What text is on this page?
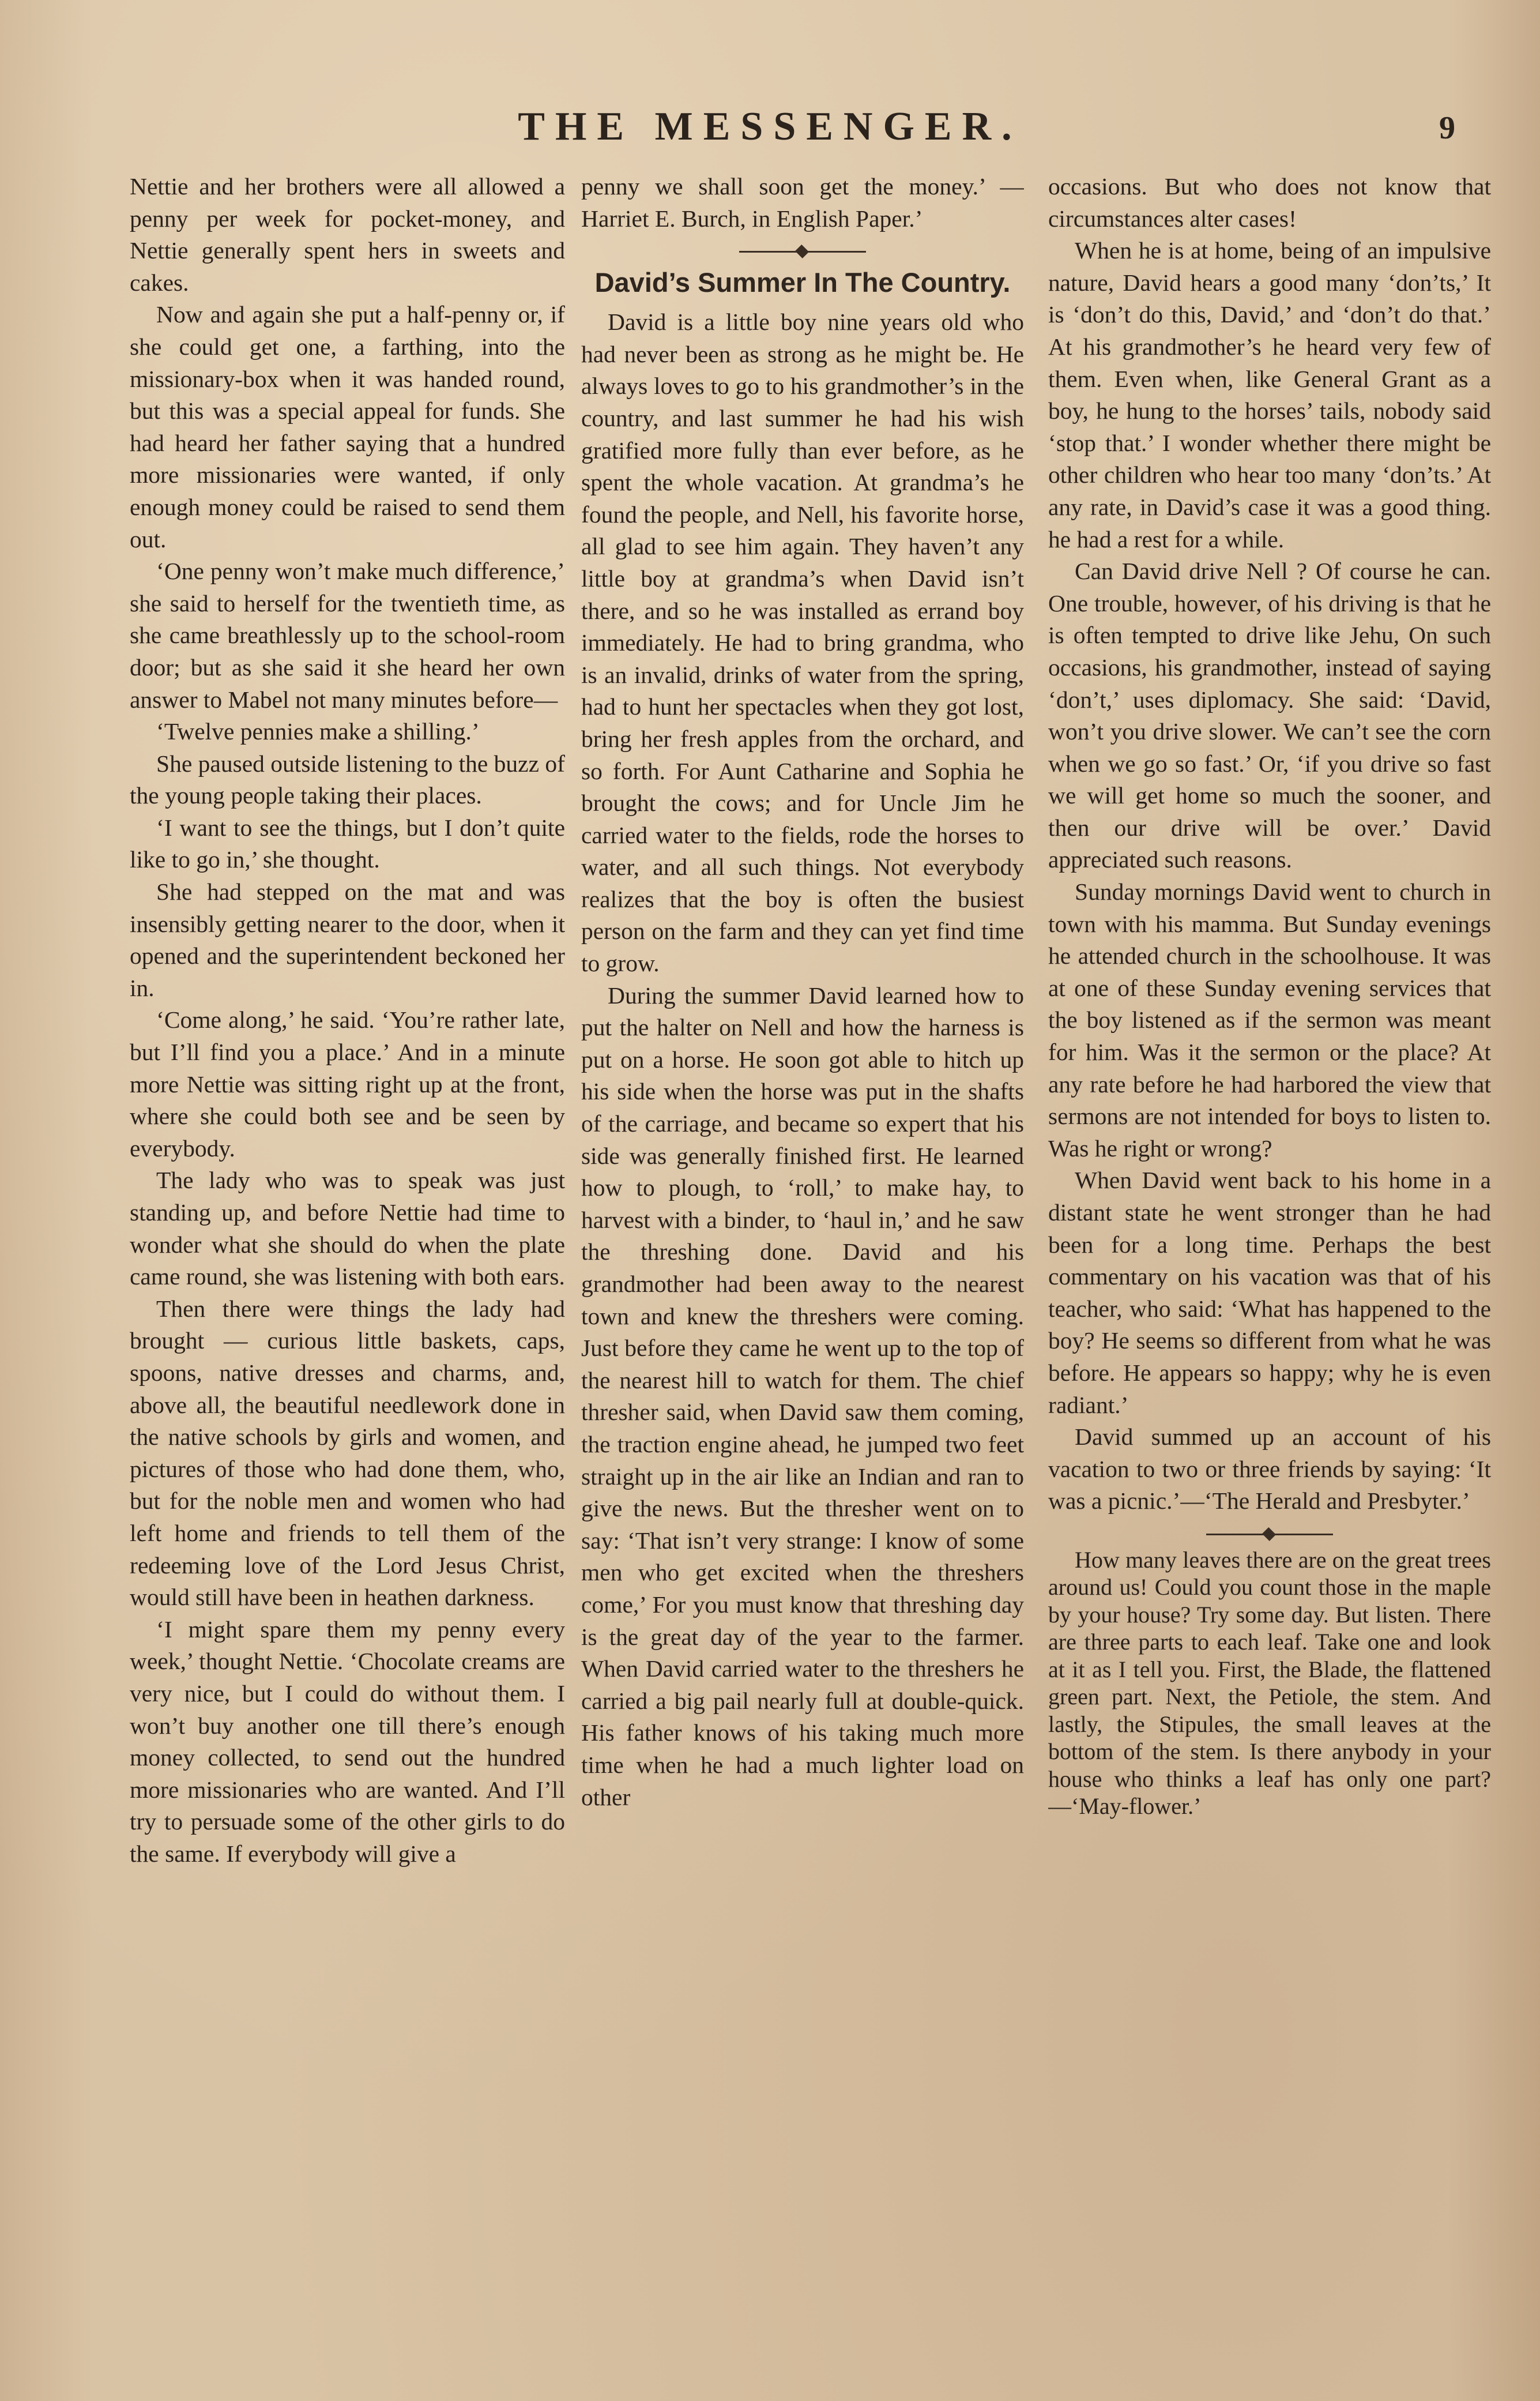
THE MESSENGER.	9

Nettie and her brothers were all allowed a penny per week for pocket-money, and Nettie generally spent hers in sweets and cakes.

Now and again she put a half-penny or, if she could get one, a farthing, into the missionary-box when it was handed round, but this was a special appeal for funds. She had heard her father saying that a hundred more missionaries were wanted, if only enough money could be raised to send them out.

‘One penny won’t make much difference,’ she said to herself for the twentieth time, as she came breathlessly up to the school-room door; but as she said it she heard her own answer to Mabel not many minutes before—

‘Twelve pennies make a shilling.’

She paused outside listening to the buzz of the young people taking their places.

‘I want to see the things, but I don’t quite like to go in,’ she thought.

She had stepped on the mat and was insensibly getting nearer to the door, when it opened and the superintendent beckoned her in.

‘Come along,’ he said. ‘You’re rather late, but I’ll find you a place.’ And in a minute more Nettie was sitting right up at the front, where she could both see and be seen by everybody.

The lady who was to speak was just standing up, and before Nettie had time to wonder what she should do when the plate came round, she was listening with both ears.

Then there were things the lady had brought — curious little baskets, caps, spoons, native dresses and charms, and, above all, the beautiful needlework done in the native schools by girls and women, and pictures of those who had done them, who, but for the noble men and women who had left home and friends to tell them of the redeeming love of the Lord Jesus Christ, would still have been in heathen darkness.

‘I might spare them my penny every week,’ thought Nettie. ‘Chocolate creams are very nice, but I could do without them. I won’t buy another one till there’s enough money collected, to send out the hundred more missionaries who are wanted. And I’ll try to persuade some of the other girls to do the same. If everybody will give a

penny we shall soon get the money.’ — Harriet E. Burch, in English Paper.’

David’s Summer In The Country.

David is a little boy nine years old who had never been as strong as he might be. He always loves to go to his grandmother’s in the country, and last summer he had his wish gratified more fully than ever before, as he spent the whole vacation. At grandma’s he found the people, and Nell, his favorite horse, all glad to see him again. They haven’t any little boy at grandma’s when David isn’t there, and so he was installed as errand boy immediately. He had to bring grandma, who is an invalid, drinks of water from the spring, had to hunt her spectacles when they got lost, bring her fresh apples from the orchard, and so forth. For Aunt Catharine and Sophia he brought the cows; and for Uncle Jim he carried water to the fields, rode the horses to water, and all such things. Not everybody realizes that the boy is often the busiest person on the farm and they can yet find time to grow.

During the summer David learned how to put the halter on Nell and how the harness is put on a horse. He soon got able to hitch up his side when the horse was put in the shafts of the carriage, and became so expert that his side was generally finished first. He learned how to plough, to ‘roll,’ to make hay, to harvest with a binder, to ‘haul in,’ and he saw the threshing done. David and his grandmother had been away to the nearest town and knew the threshers were coming. Just before they came he went up to the top of the nearest hill to watch for them. The chief thresher said, when David saw them coming, the traction engine ahead, he jumped two feet straight up in the air like an Indian and ran to give the news. But the thresher went on to say: ‘That isn’t very strange: I know of some men who get excited when the threshers come,’ For you must know that threshing day is the great day of the year to the farmer. When David carried water to the threshers he carried a big pail nearly full at double-quick. His father knows of his taking much more time when he had a much lighter load on other

occasions. But who does not know that circumstances alter cases!

When he is at home, being of an impulsive nature, David hears a good many ‘don’ts,’ It is ‘don’t do this, David,’ and ‘don’t do that.’ At his grandmother’s he heard very few of them. Even when, like General Grant as a boy, he hung to the horses’ tails, nobody said ‘stop that.’ I wonder whether there might be other children who hear too many ‘don’ts.’ At any rate, in David’s case it was a good thing. he had a rest for a while.

Can David drive Nell ? Of course he can. One trouble, however, of his driving is that he is often tempted to drive like Jehu, On such occasions, his grandmother, instead of saying ‘don’t,’ uses diplomacy. She said: ‘David, won’t you drive slower. We can’t see the corn when we go so fast.’ Or, ‘if you drive so fast we will get home so much the sooner, and then our drive will be over.’ David appreciated such reasons.

Sunday mornings David went to church in town with his mamma. But Sunday evenings he attended church in the schoolhouse. It was at one of these Sunday evening services that the boy listened as if the sermon was meant for him. Was it the sermon or the place? At any rate before he had harbored the view that sermons are not intended for boys to listen to. Was he right or wrong?

When David went back to his home in a distant state he went stronger than he had been for a long time. Perhaps the best commentary on his vacation was that of his teacher, who said: ‘What has happened to the boy? He seems so different from what he was before. He appears so happy; why he is even radiant.’

David summed up an account of his vacation to two or three friends by saying: ‘It was a picnic.’—‘The Herald and Presbyter.’

How many leaves there are on the great trees around us! Could you count those in the maple by your house? Try some day. But listen. There are three parts to each leaf. Take one and look at it as I tell you. First, the Blade, the flattened green part. Next, the Petiole, the stem. And lastly, the Stipules, the small leaves at the bottom of the stem. Is there anybody in your house who thinks a leaf has only one part?—‘May-flower.’
